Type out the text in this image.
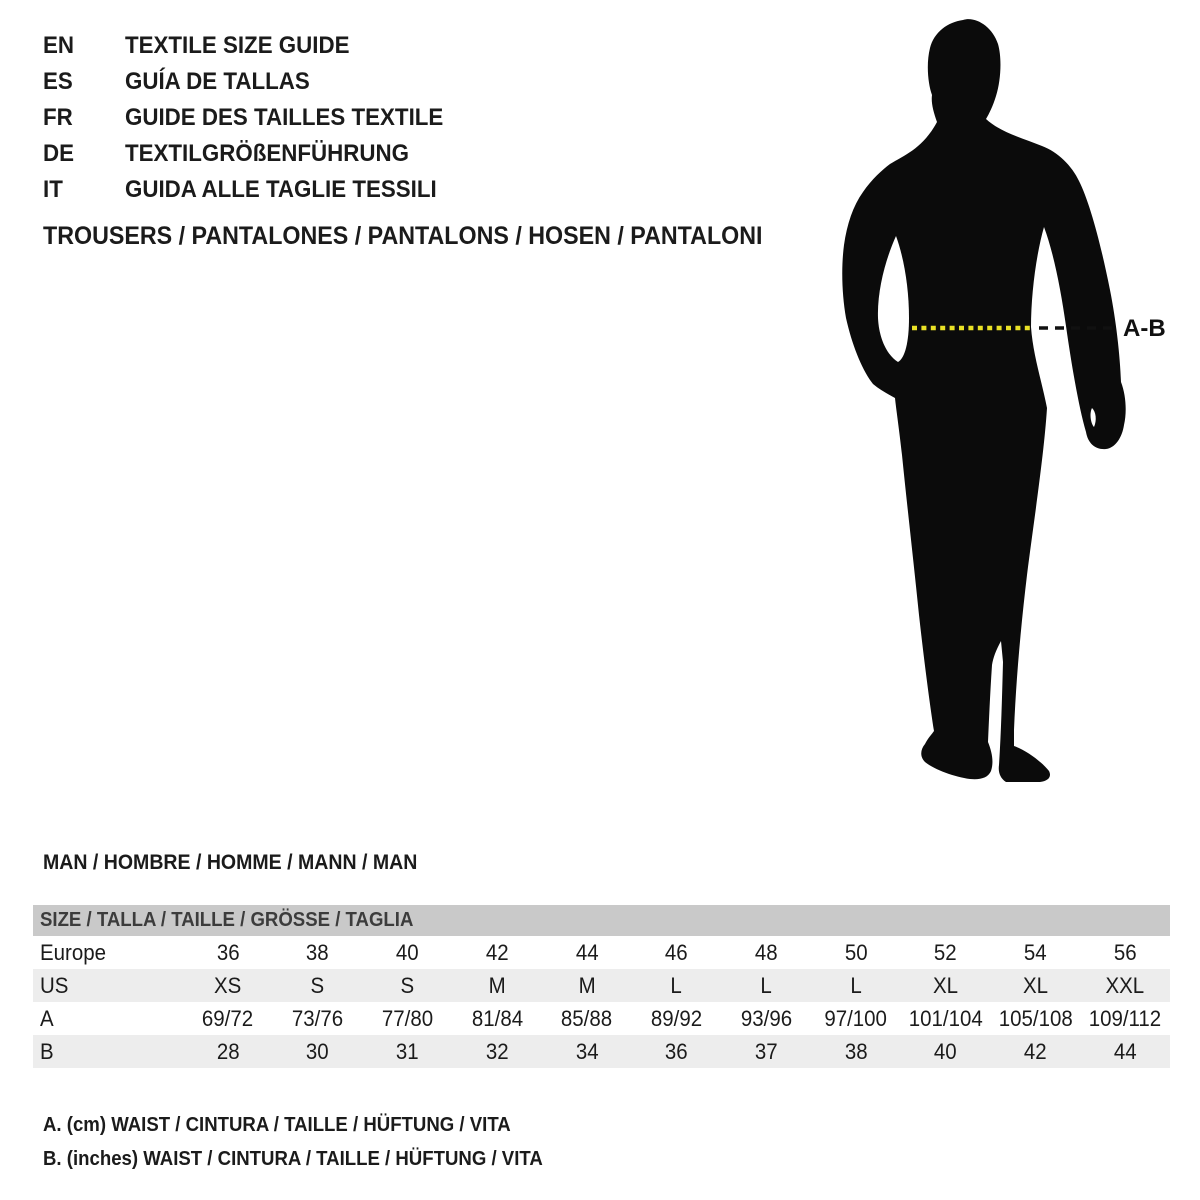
EN TEXTILE SIZE GUIDE
ES GUÍA DE TALLAS
FR GUIDE DES TAILLES TEXTILE
DE TEXTILGRÖßENFÜHRUNG
IT	GUIDA ALLE TAGLIE TESSILI
TROUSERS / PANTALONES / PANTALONS / HOSEN / PANTALONI
A-B
MAN / HOMBRE / HOMME / MANN / MAN
SIZE / TALLA / TAILLE / GRÖSSE / TAGLIA
Europe	36	38	40	42	44	46	48	50	52	54	56
US	XS	S	S	M	M	L	L	L	XL	XL	XXL
A	69/72	73/76	77/80	81/84	85/88	89/92	93/96	97/100 101/104 105/108 109/112
B	28	30	31	32	34	36	37	38	40	42	44
A. (cm) WAIST / CINTURA / TAILLE / HÜFTUNG / VITA
B. (inches) WAIST / CINTURA / TAILLE / HÜFTUNG / VITA
